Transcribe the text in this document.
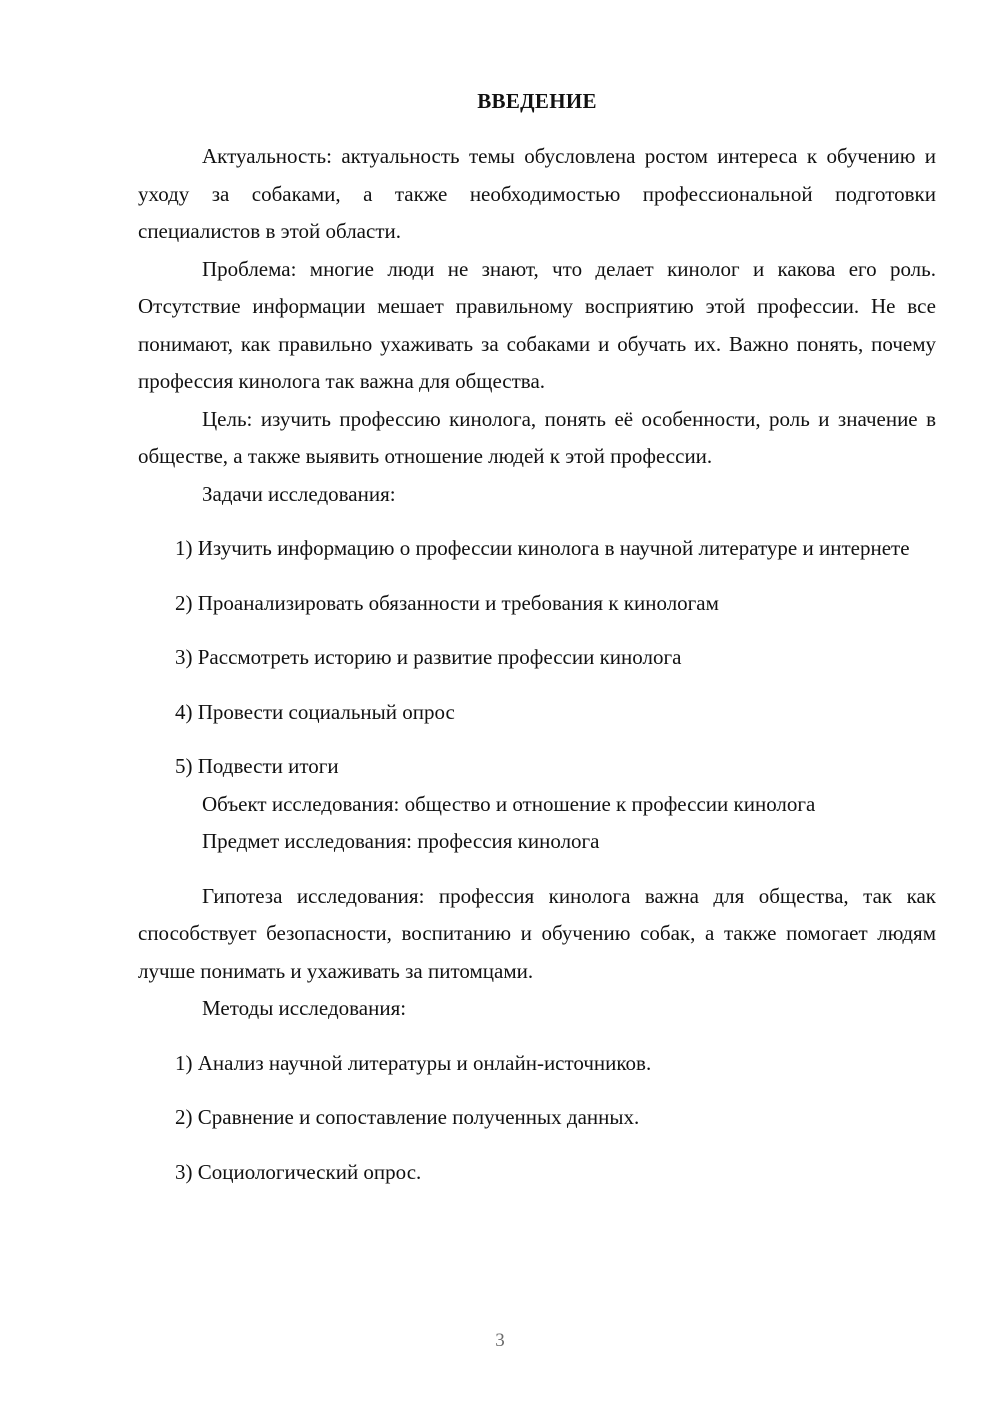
ВВЕДЕНИЕ

Актуальность: актуальность темы обусловлена ростом интереса к обучению и уходу за собаками, а также необходимостью профессиональной подготовки специалистов в этой области.

Проблема: многие люди не знают, что делает кинолог и какова его роль. Отсутствие информации мешает правильному восприятию этой профессии. Не все понимают, как правильно ухаживать за собаками и обучать их. Важно понять, почему профессия кинолога так важна для общества.

Цель: изучить профессию кинолога, понять её особенности, роль и значение в обществе, а также выявить отношение людей к этой профессии.

Задачи исследования:

1) Изучить информацию о профессии кинолога в научной литературе и интернете

2) Проанализировать обязанности и требования к кинологам

3) Рассмотреть историю и развитие профессии кинолога

4) Провести социальный опрос

5) Подвести итоги

Объект исследования: общество и отношение к профессии кинолога

Предмет исследования: профессия кинолога

Гипотеза исследования: профессия кинолога важна для общества, так как способствует безопасности, воспитанию и обучению собак, а также помогает людям лучше понимать и ухаживать за питомцами.

Методы исследования:

1) Анализ научной литературы и онлайн-источников.

2) Сравнение и сопоставление полученных данных.

3) Социологический опрос.

3
